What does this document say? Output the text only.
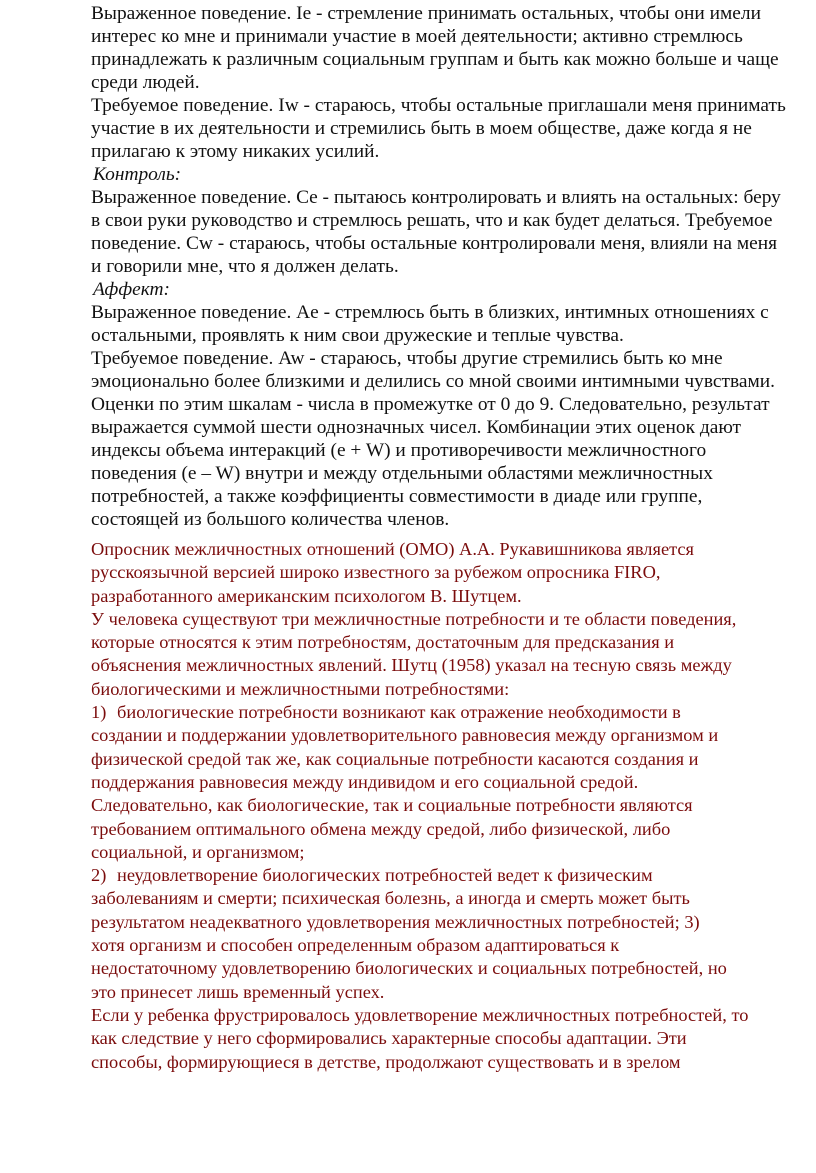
Выраженное поведение. Ie - стремление принимать остальных, чтобы они имели
интерес ко мне и принимали участие в моей деятельности; активно стремлюсь
принадлежать к различным социальным группам и быть как можно больше и чаще
среди людей.

Требуемое поведение. Iw - стараюсь, чтобы остальные приглашали меня принимать
участие в их деятельности и стремились быть в моем обществе, даже когда я не
прилагаю к этому никаких усилий.

Контроль:

Выраженное поведение. Ce - пытаюсь контролировать и влиять на остальных: беру
в свои руки руководство и стремлюсь решать, что и как будет делаться. Требуемое
поведение. Cw - стараюсь, чтобы остальные контролировали меня, влияли на меня
и говорили мне, что я должен делать.

Аффект:

Выраженное поведение. Ae - стремлюсь быть в близких, интимных отношениях с
остальными, проявлять к ним свои дружеские и теплые чувства.

Требуемое поведение. Aw - стараюсь, чтобы другие стремились быть ко мне
эмоционально более близкими и делились со мной своими интимными чувствами.
Оценки по этим шкалам - числа в промежутке от 0 до 9. Следовательно, результат
выражается суммой шести однозначных чисел. Комбинации этих оценок дают
индексы объема интеракций (e + W) и противоречивости межличностного
поведения (e – W) внутри и между отдельными областями межличностных
потребностей, а также коэффициенты совместимости в диаде или группе,
состоящей из большого количества членов.

Опросник межличностных отношений (ОМО) А.А. Рукавишникова является
русскоязычной версией широко известного за рубежом опросника FIRO,
разработанного американским психологом В. Шутцем.

У человека существуют три межличностные потребности и те области поведения,
которые относятся к этим потребностям, достаточным для предсказания и
объяснения межличностных явлений. Шутц (1958) указал на тесную связь между
биологическими и межличностными потребностями:

1) биологические потребности возникают как отражение необходимости в
создании и поддержании удовлетворительного равновесия между организмом и
физической средой так же, как социальные потребности касаются создания и
поддержания равновесия между индивидом и его социальной средой.
Следовательно, как биологические, так и социальные потребности являются
требованием оптимального обмена между средой, либо физической, либо
социальной, и организмом;

2) неудовлетворение биологических потребностей ведет к физическим
заболеваниям и смерти; психическая болезнь, а иногда и смерть может быть
результатом неадекватного удовлетворения межличностных потребностей; 3)
хотя организм и способен определенным образом адаптироваться к
недостаточному удовлетворению биологических и социальных потребностей, но
это принесет лишь временный успех.

Если у ребенка фрустрировалось удовлетворение межличностных потребностей, то
как следствие у него сформировались характерные способы адаптации. Эти
способы, формирующиеся в детстве, продолжают существовать и в зрелом
